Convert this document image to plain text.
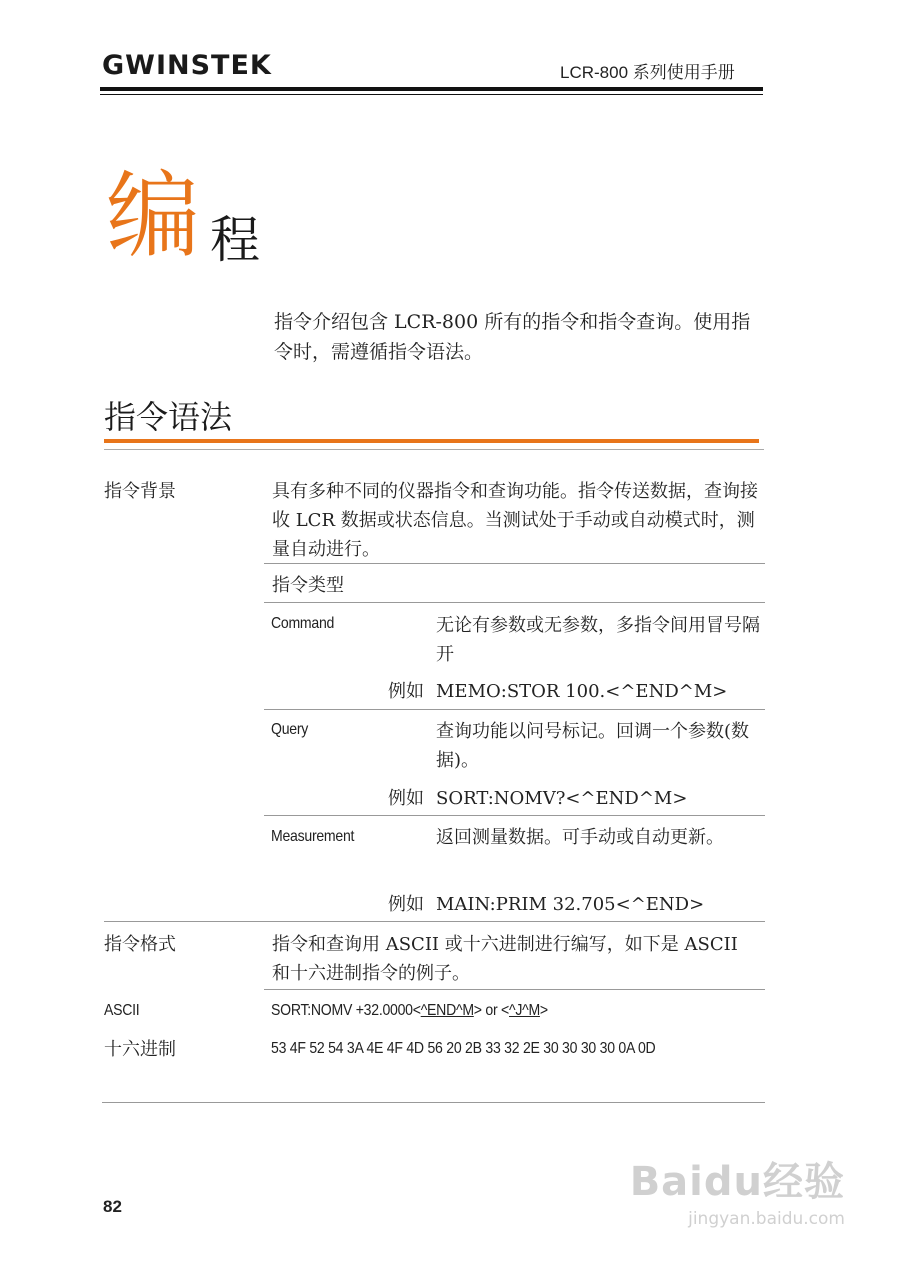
GWINSTEK	LCR-800 系列使用手册
编 程
指令介绍包含 LCR-800 所有的指令和指令查询。使用指令时，需遵循指令语法。
指令语法
指令背景	具有多种不同的仪器指令和查询功能。指令传送数据，查询接收 LCR 数据或状态信息。当测试处于手动或自动模式时，测量自动进行。
指令类型
Command	无论有参数或无参数，多指令间用冒号隔开
例如 MEMO:STOR 100.<^END^M>
Query	查询功能以问号标记。回调一个参数(数据)。
例如 SORT:NOMV?<^END^M>
Measurement	返回测量数据。可手动或自动更新。
例如 MAIN:PRIM 32.705<^END>
指令格式	指令和查询用 ASCII 或十六进制进行编写，如下是 ASCII 和十六进制指令的例子。
ASCII	SORT:NOMV +32.0000<^END^M> or <^J^M>
十六进制	53 4F 52 54 3A 4E 4F 4D 56 20 2B 33 32 2E 30 30 30 30 0A 0D
82
Baidu经验
jingyan.baidu.com
